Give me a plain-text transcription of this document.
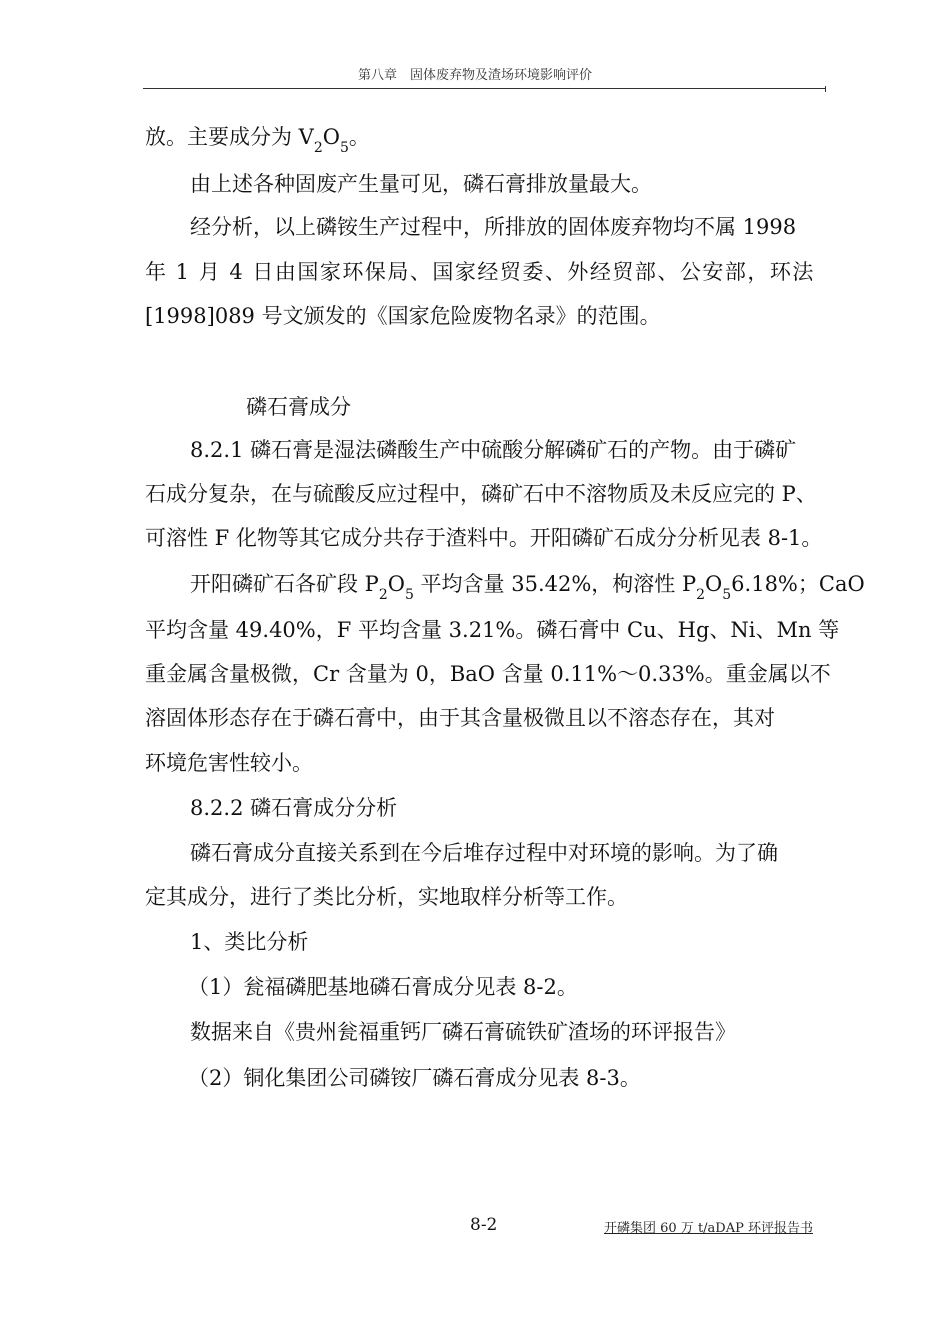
第八章　固体废弃物及渣场环境影响评价
放。主要成分为 $V_2O_5$。
由上述各种固废产生量可见，磷石膏排放量最大。
经分析，以上磷铵生产过程中，所排放的固体废弃物均不属 1998
年 1 月 4 日由国家环保局、国家经贸委、外经贸部、公安部，环法
[1998]089 号文颁发的《国家危险废物名录》的范围。
磷石膏成分
8.2.1 磷石膏是湿法磷酸生产中硫酸分解磷矿石的产物。由于磷矿
石成分复杂，在与硫酸反应过程中，磷矿石中不溶物质及未反应完的 P、
可溶性 F 化物等其它成分共存于渣料中。开阳磷矿石成分分析见表 8-1。
开阳磷矿石各矿段 $P_2O_5$ 平均含量 35.42%，枸溶性 $P_2O_56.18\%$；CaO
平均含量 49.40%，F 平均含量 3.21%。磷石膏中 Cu、Hg、Ni、Mn 等
重金属含量极微，Cr 含量为 0，BaO 含量 0.11%～0.33%。重金属以不
溶固体形态存在于磷石膏中，由于其含量极微且以不溶态存在，其对
环境危害性较小。
8.2.2 磷石膏成分分析
磷石膏成分直接关系到在今后堆存过程中对环境的影响。为了确
定其成分，进行了类比分析，实地取样分析等工作。
1、类比分析
（1）瓮福磷肥基地磷石膏成分见表 8-2。
数据来自《贵州瓮福重钙厂磷石膏硫铁矿渣场的环评报告》
（2）铜化集团公司磷铵厂磷石膏成分见表 8-3。
8-2	开磷集团 60 万 t/aDAP 环评报告书
